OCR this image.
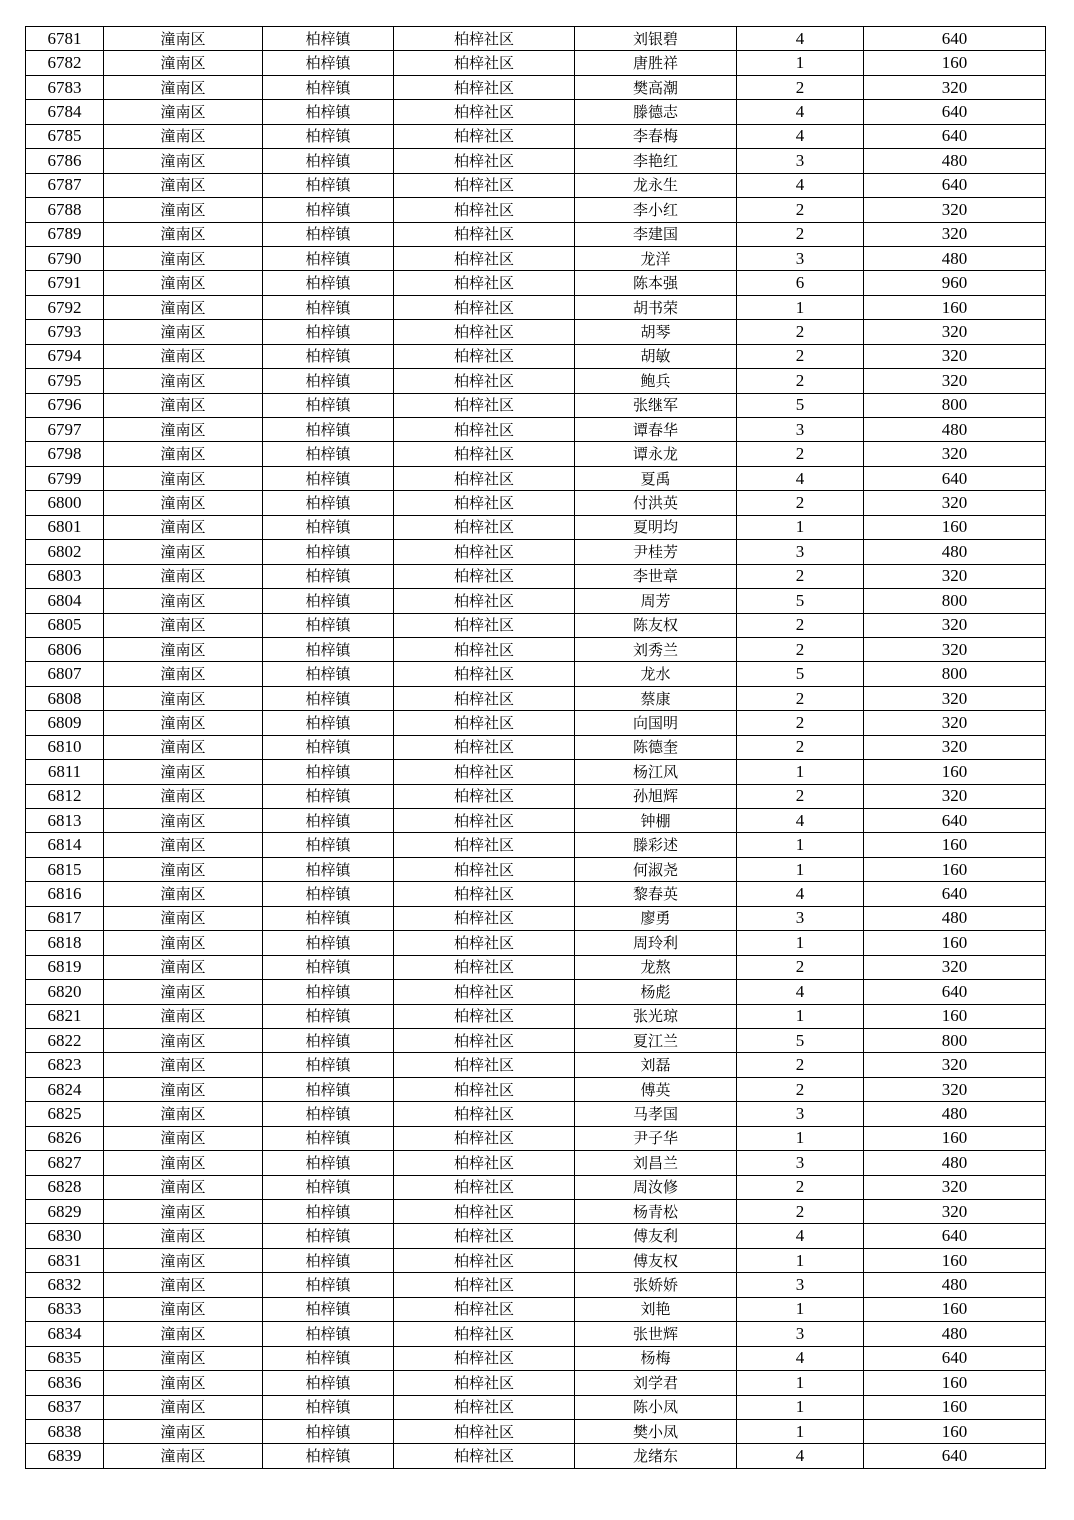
6781	潼南区	柏梓镇	柏梓社区	刘银碧	4	640
6782	潼南区	柏梓镇	柏梓社区	唐胜祥	1	160
6783	潼南区	柏梓镇	柏梓社区	樊高潮	2	320
6784	潼南区	柏梓镇	柏梓社区	滕德志	4	640
6785	潼南区	柏梓镇	柏梓社区	李春梅	4	640
6786	潼南区	柏梓镇	柏梓社区	李艳红	3	480
6787	潼南区	柏梓镇	柏梓社区	龙永生	4	640
6788	潼南区	柏梓镇	柏梓社区	李小红	2	320
6789	潼南区	柏梓镇	柏梓社区	李建国	2	320
6790	潼南区	柏梓镇	柏梓社区	龙洋	3	480
6791	潼南区	柏梓镇	柏梓社区	陈本强	6	960
6792	潼南区	柏梓镇	柏梓社区	胡书荣	1	160
6793	潼南区	柏梓镇	柏梓社区	胡琴	2	320
6794	潼南区	柏梓镇	柏梓社区	胡敏	2	320
6795	潼南区	柏梓镇	柏梓社区	鲍兵	2	320
6796	潼南区	柏梓镇	柏梓社区	张继军	5	800
6797	潼南区	柏梓镇	柏梓社区	谭春华	3	480
6798	潼南区	柏梓镇	柏梓社区	谭永龙	2	320
6799	潼南区	柏梓镇	柏梓社区	夏禹	4	640
6800	潼南区	柏梓镇	柏梓社区	付洪英	2	320
6801	潼南区	柏梓镇	柏梓社区	夏明均	1	160
6802	潼南区	柏梓镇	柏梓社区	尹桂芳	3	480
6803	潼南区	柏梓镇	柏梓社区	李世章	2	320
6804	潼南区	柏梓镇	柏梓社区	周芳	5	800
6805	潼南区	柏梓镇	柏梓社区	陈友权	2	320
6806	潼南区	柏梓镇	柏梓社区	刘秀兰	2	320
6807	潼南区	柏梓镇	柏梓社区	龙水	5	800
6808	潼南区	柏梓镇	柏梓社区	蔡康	2	320
6809	潼南区	柏梓镇	柏梓社区	向国明	2	320
6810	潼南区	柏梓镇	柏梓社区	陈德奎	2	320
6811	潼南区	柏梓镇	柏梓社区	杨江风	1	160
6812	潼南区	柏梓镇	柏梓社区	孙旭辉	2	320
6813	潼南区	柏梓镇	柏梓社区	钟棚	4	640
6814	潼南区	柏梓镇	柏梓社区	滕彩述	1	160
6815	潼南区	柏梓镇	柏梓社区	何淑尧	1	160
6816	潼南区	柏梓镇	柏梓社区	黎春英	4	640
6817	潼南区	柏梓镇	柏梓社区	廖勇	3	480
6818	潼南区	柏梓镇	柏梓社区	周玲利	1	160
6819	潼南区	柏梓镇	柏梓社区	龙熬	2	320
6820	潼南区	柏梓镇	柏梓社区	杨彪	4	640
6821	潼南区	柏梓镇	柏梓社区	张光琼	1	160
6822	潼南区	柏梓镇	柏梓社区	夏江兰	5	800
6823	潼南区	柏梓镇	柏梓社区	刘磊	2	320
6824	潼南区	柏梓镇	柏梓社区	傅英	2	320
6825	潼南区	柏梓镇	柏梓社区	马孝国	3	480
6826	潼南区	柏梓镇	柏梓社区	尹子华	1	160
6827	潼南区	柏梓镇	柏梓社区	刘昌兰	3	480
6828	潼南区	柏梓镇	柏梓社区	周汝修	2	320
6829	潼南区	柏梓镇	柏梓社区	杨青松	2	320
6830	潼南区	柏梓镇	柏梓社区	傅友利	4	640
6831	潼南区	柏梓镇	柏梓社区	傅友权	1	160
6832	潼南区	柏梓镇	柏梓社区	张娇娇	3	480
6833	潼南区	柏梓镇	柏梓社区	刘艳	1	160
6834	潼南区	柏梓镇	柏梓社区	张世辉	3	480
6835	潼南区	柏梓镇	柏梓社区	杨梅	4	640
6836	潼南区	柏梓镇	柏梓社区	刘学君	1	160
6837	潼南区	柏梓镇	柏梓社区	陈小凤	1	160
6838	潼南区	柏梓镇	柏梓社区	樊小凤	1	160
6839	潼南区	柏梓镇	柏梓社区	龙绪东	4	640
